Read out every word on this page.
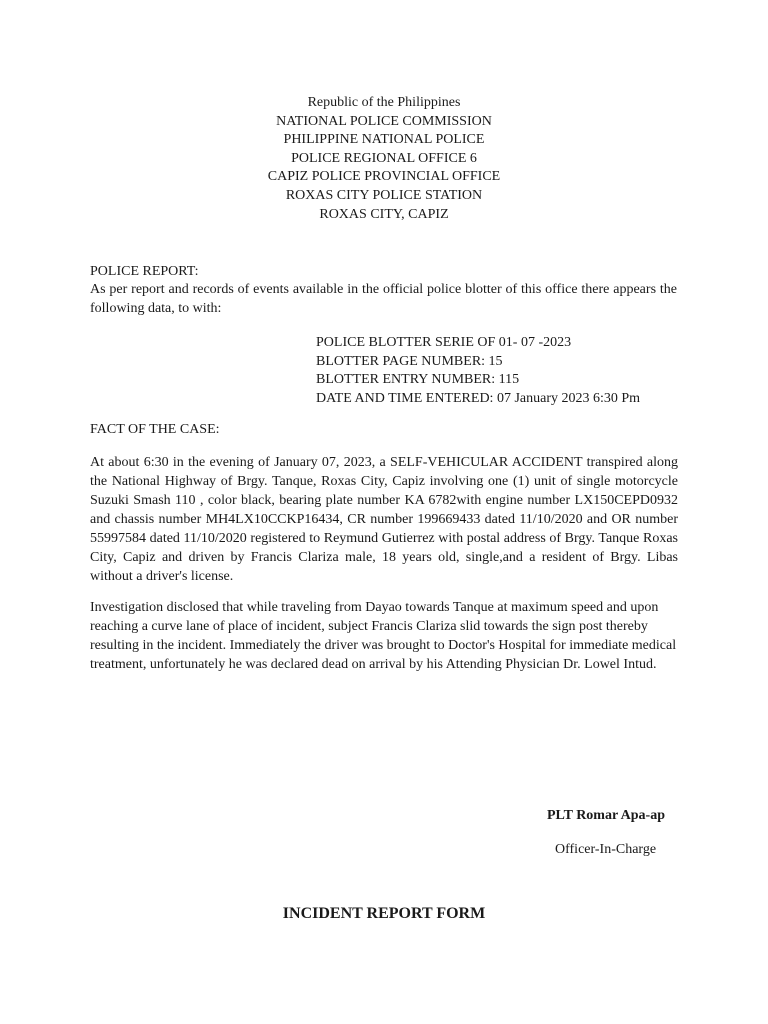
Republic of the Philippines
NATIONAL POLICE COMMISSION
PHILIPPINE NATIONAL POLICE
POLICE REGIONAL OFFICE 6
CAPIZ POLICE PROVINCIAL OFFICE
ROXAS CITY POLICE STATION
ROXAS CITY, CAPIZ

POLICE REPORT:

As per report and records of events available in the official police blotter of this office there appears the following data, to with:

POLICE BLOTTER SERIE OF 01- 07 -2023
BLOTTER PAGE NUMBER: 15
BLOTTER ENTRY NUMBER: 115
DATE AND TIME ENTERED: 07 January 2023 6:30 Pm

FACT OF THE CASE:

At about 6:30 in the evening of January 07, 2023, a SELF-VEHICULAR ACCIDENT transpired along the National Highway of Brgy. Tanque, Roxas City, Capiz involving one (1) unit of single motorcycle Suzuki Smash 110 , color black, bearing plate number KA 6782with engine number LX150CEPD0932 and chassis number MH4LX10CCKP16434, CR number 199669433 dated 11/10/2020 and OR number 55997584 dated 11/10/2020 registered to Reymund Gutierrez with postal address of Brgy. Tanque Roxas City, Capiz and driven by Francis Clariza male, 18 years old, single,and a resident of Brgy. Libas without a driver's license.

Investigation disclosed that while traveling from Dayao towards Tanque at maximum speed and upon reaching a curve lane of place of incident, subject Francis Clariza slid towards the sign post thereby resulting in the incident. Immediately the driver was brought to Doctor's Hospital for immediate medical treatment, unfortunately he was declared dead on arrival by his Attending Physician Dr. Lowel Intud.

PLT Romar Apa-ap

Officer-In-Charge

INCIDENT REPORT FORM
